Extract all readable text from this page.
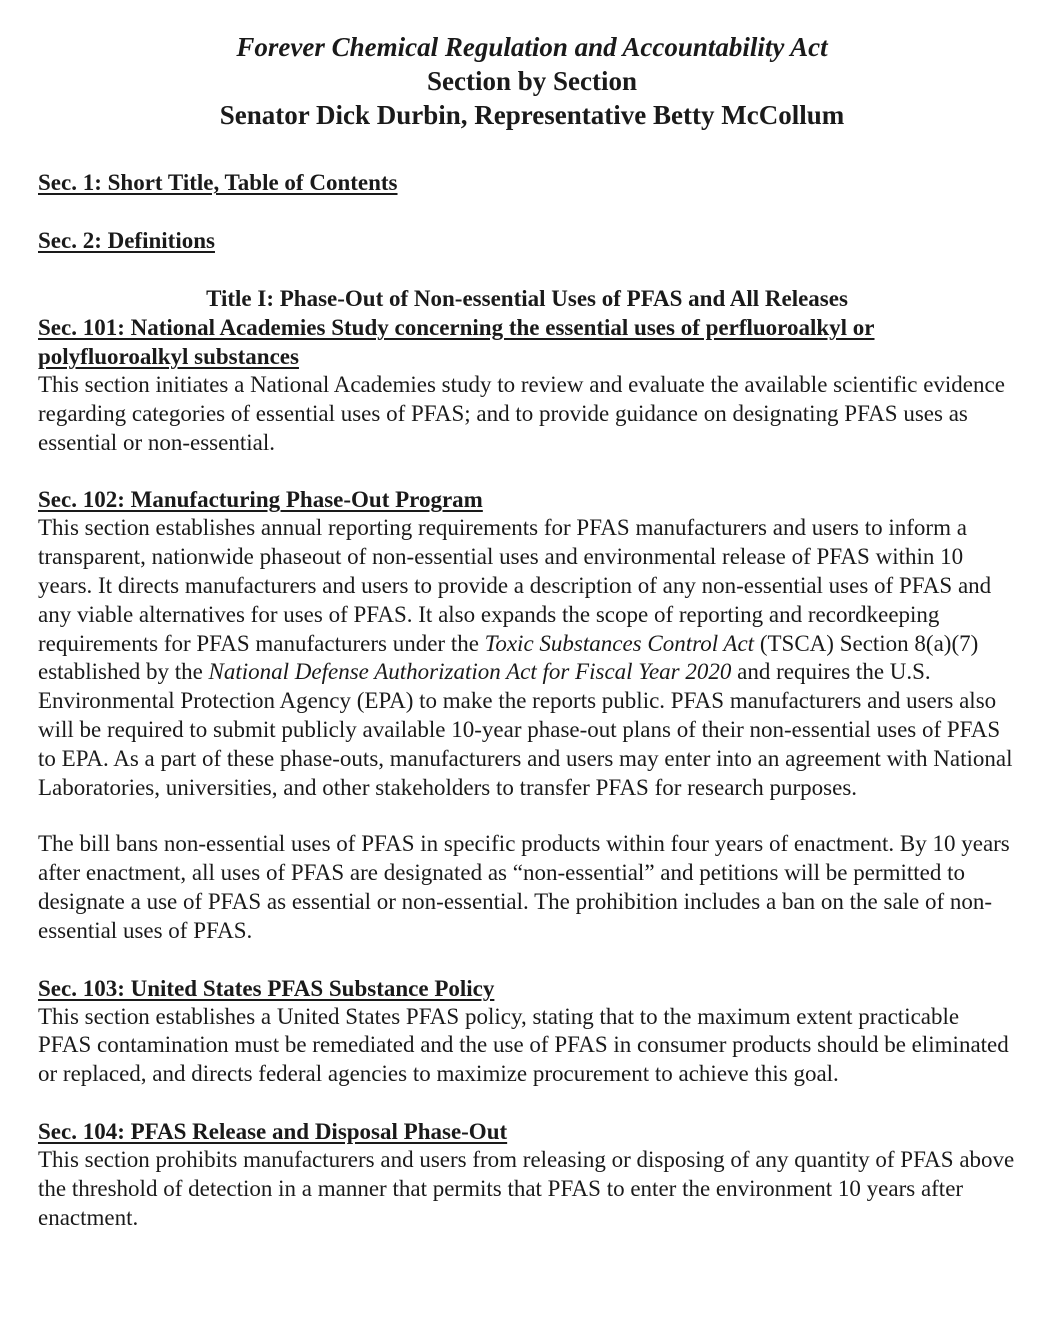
Forever Chemical Regulation and Accountability Act
Section by Section
Senator Dick Durbin, Representative Betty McCollum

Sec. 1: Short Title, Table of Contents

Sec. 2: Definitions

Title I: Phase-Out of Non-essential Uses of PFAS and All Releases

Sec. 101: National Academies Study concerning the essential uses of perfluoroalkyl or polyfluoroalkyl substances

This section initiates a National Academies study to review and evaluate the available scientific evidence regarding categories of essential uses of PFAS; and to provide guidance on designating PFAS uses as essential or non-essential.

Sec. 102: Manufacturing Phase-Out Program

This section establishes annual reporting requirements for PFAS manufacturers and users to inform a transparent, nationwide phaseout of non-essential uses and environmental release of PFAS within 10 years. It directs manufacturers and users to provide a description of any non-essential uses of PFAS and any viable alternatives for uses of PFAS. It also expands the scope of reporting and recordkeeping requirements for PFAS manufacturers under the Toxic Substances Control Act (TSCA) Section 8(a)(7) established by the National Defense Authorization Act for Fiscal Year 2020 and requires the U.S. Environmental Protection Agency (EPA) to make the reports public. PFAS manufacturers and users also will be required to submit publicly available 10-year phase-out plans of their non-essential uses of PFAS to EPA. As a part of these phase-outs, manufacturers and users may enter into an agreement with National Laboratories, universities, and other stakeholders to transfer PFAS for research purposes.

The bill bans non-essential uses of PFAS in specific products within four years of enactment. By 10 years after enactment, all uses of PFAS are designated as “non-essential” and petitions will be permitted to designate a use of PFAS as essential or non-essential. The prohibition includes a ban on the sale of non-essential uses of PFAS.

Sec. 103: United States PFAS Substance Policy

This section establishes a United States PFAS policy, stating that to the maximum extent practicable PFAS contamination must be remediated and the use of PFAS in consumer products should be eliminated or replaced, and directs federal agencies to maximize procurement to achieve this goal.

Sec. 104: PFAS Release and Disposal Phase-Out

This section prohibits manufacturers and users from releasing or disposing of any quantity of PFAS above the threshold of detection in a manner that permits that PFAS to enter the environment 10 years after enactment.
